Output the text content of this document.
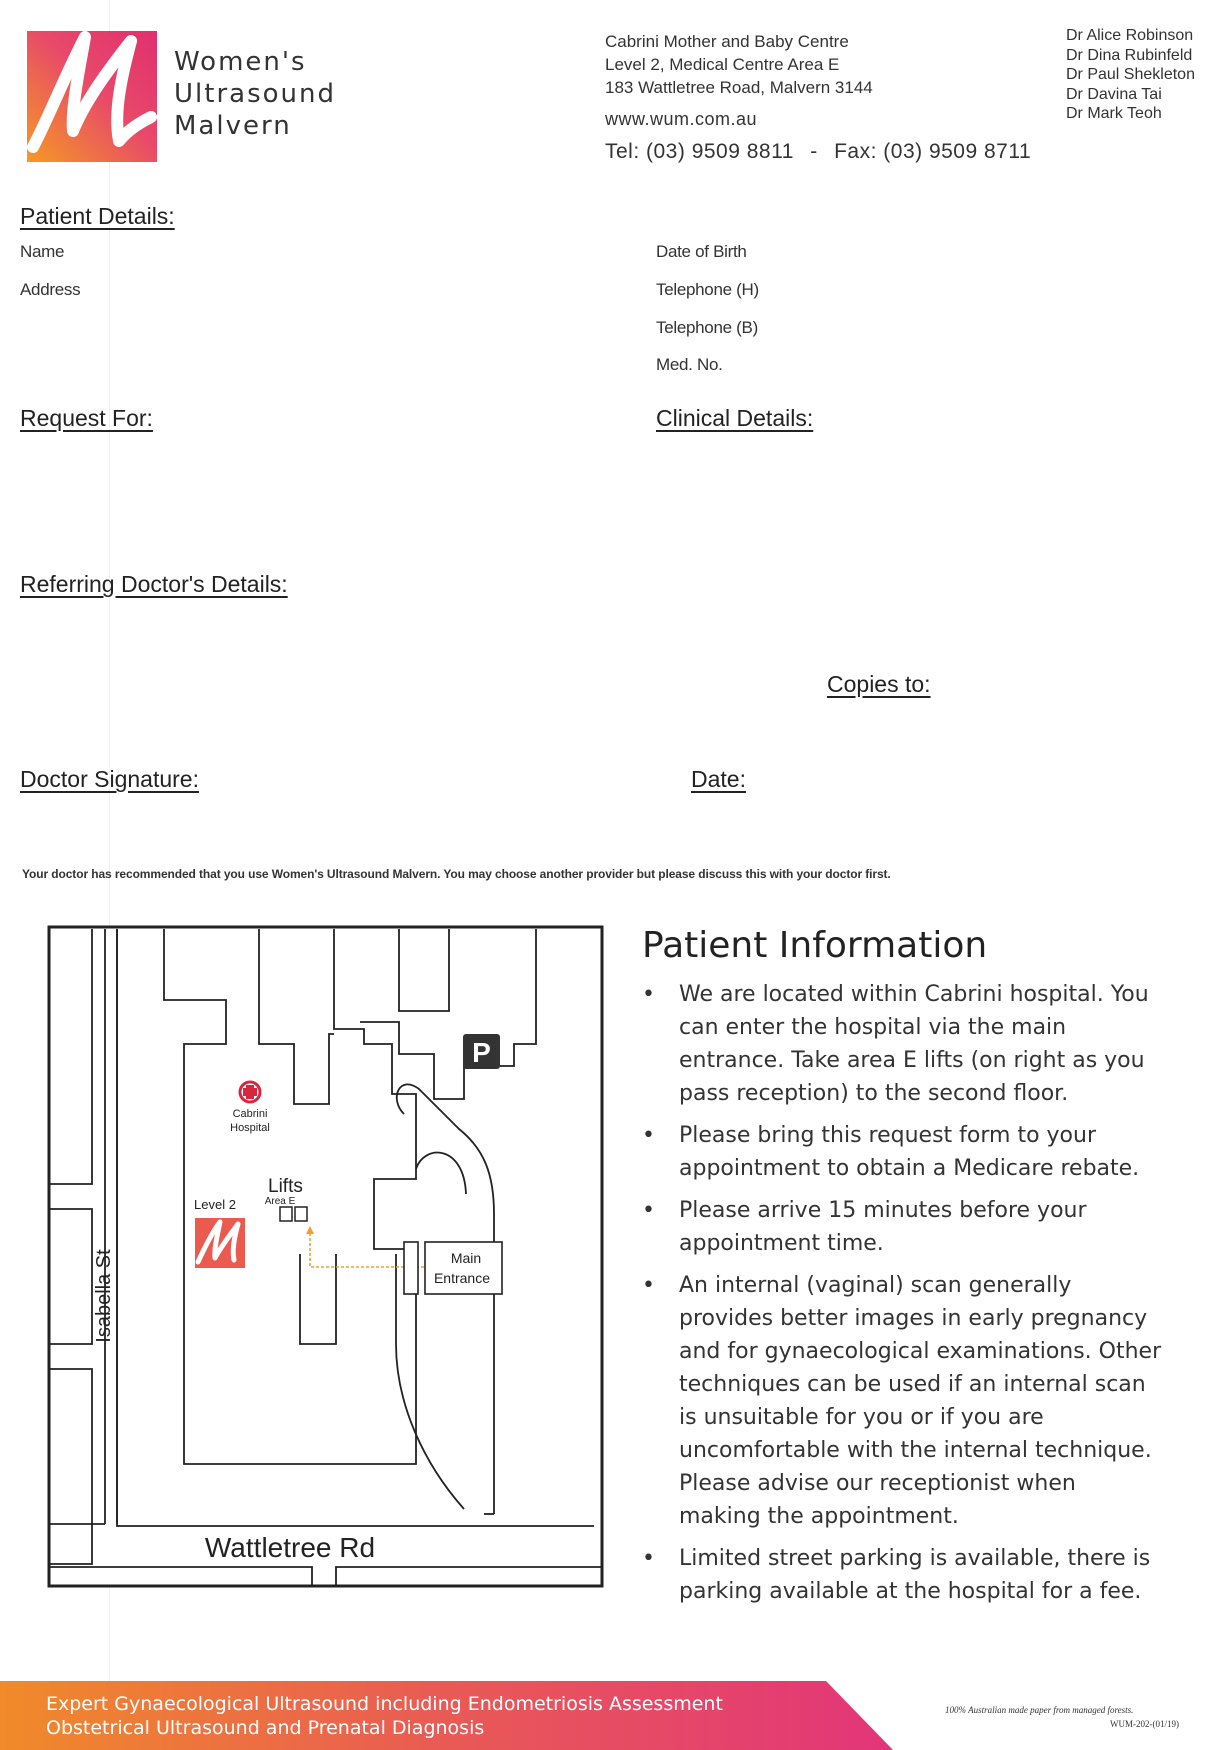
Women's
Ultrasound
Malvern
Cabrini Mother and Baby Centre
Level 2, Medical Centre Area E
183 Wattletree Road, Malvern 3144
www.wum.com.au
Tel: (03) 9509 8811 - Fax: (03) 9509 8711
Dr Alice Robinson
Dr Dina Rubinfeld
Dr Paul Shekleton
Dr Davina Tai
Dr Mark Teoh
Patient Details:
Name
Address
Date of Birth
Telephone (H)
Telephone (B)
Med. No.
Request For:	Clinical Details:
Referring Doctor's Details:
Copies to:
Doctor Signature:	Date:
Your doctor has recommended that you use Women's Ultrasound Malvern. You may choose another provider but please discuss this with your doctor first.
Isabella St
Wattletree Rd
Cabrini
Hospital
Level 2
Lifts
Area E
Main
Entrance
P
Patient Information
• We are located within Cabrini hospital. You can enter the hospital via the main entrance. Take area E lifts (on right as you pass reception) to the second floor.
• Please bring this request form to your appointment to obtain a Medicare rebate.
• Please arrive 15 minutes before your appointment time.
• An internal (vaginal) scan generally provides better images in early pregnancy and for gynaecological examinations. Other techniques can be used if an internal scan is unsuitable for you or if you are uncomfortable with the internal technique. Please advise our receptionist when making the appointment.
• Limited street parking is available, there is parking available at the hospital for a fee.
Expert Gynaecological Ultrasound including Endometriosis Assessment
Obstetrical Ultrasound and Prenatal Diagnosis
100% Australian made paper from managed forests.
WUM-202-(01/19)
